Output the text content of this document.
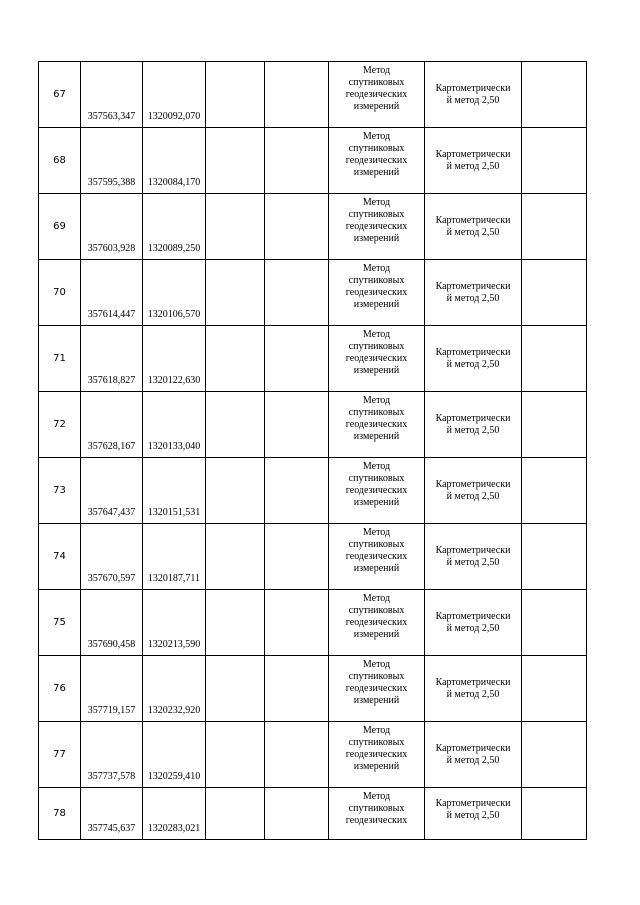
67	357563,347	1320092,070			Метод
спутниковых
геодезических
измерений	Картометрически
й метод 2,50	

68	357595,388	1320084,170			Метод
спутниковых
геодезических
измерений	Картометрически
й метод 2,50	

69	357603,928	1320089,250			Метод
спутниковых
геодезических
измерений	Картометрически
й метод 2,50	

70	357614,447	1320106,570			Метод
спутниковых
геодезических
измерений	Картометрически
й метод 2,50	

71	357618,827	1320122,630			Метод
спутниковых
геодезических
измерений	Картометрически
й метод 2,50	

72	357628,167	1320133,040			Метод
спутниковых
геодезических
измерений	Картометрически
й метод 2,50	

73	357647,437	1320151,531			Метод
спутниковых
геодезических
измерений	Картометрически
й метод 2,50	

74	357670,597	1320187,711			Метод
спутниковых
геодезических
измерений	Картометрически
й метод 2,50	

75	357690,458	1320213,590			Метод
спутниковых
геодезических
измерений	Картометрически
й метод 2,50	

76	357719,157	1320232,920			Метод
спутниковых
геодезических
измерений	Картометрически
й метод 2,50	

77	357737,578	1320259,410			Метод
спутниковых
геодезических
измерений	Картометрически
й метод 2,50	

78	357745,637	1320283,021			Метод
спутниковых
геодезических	Картометрически
й метод 2,50	
